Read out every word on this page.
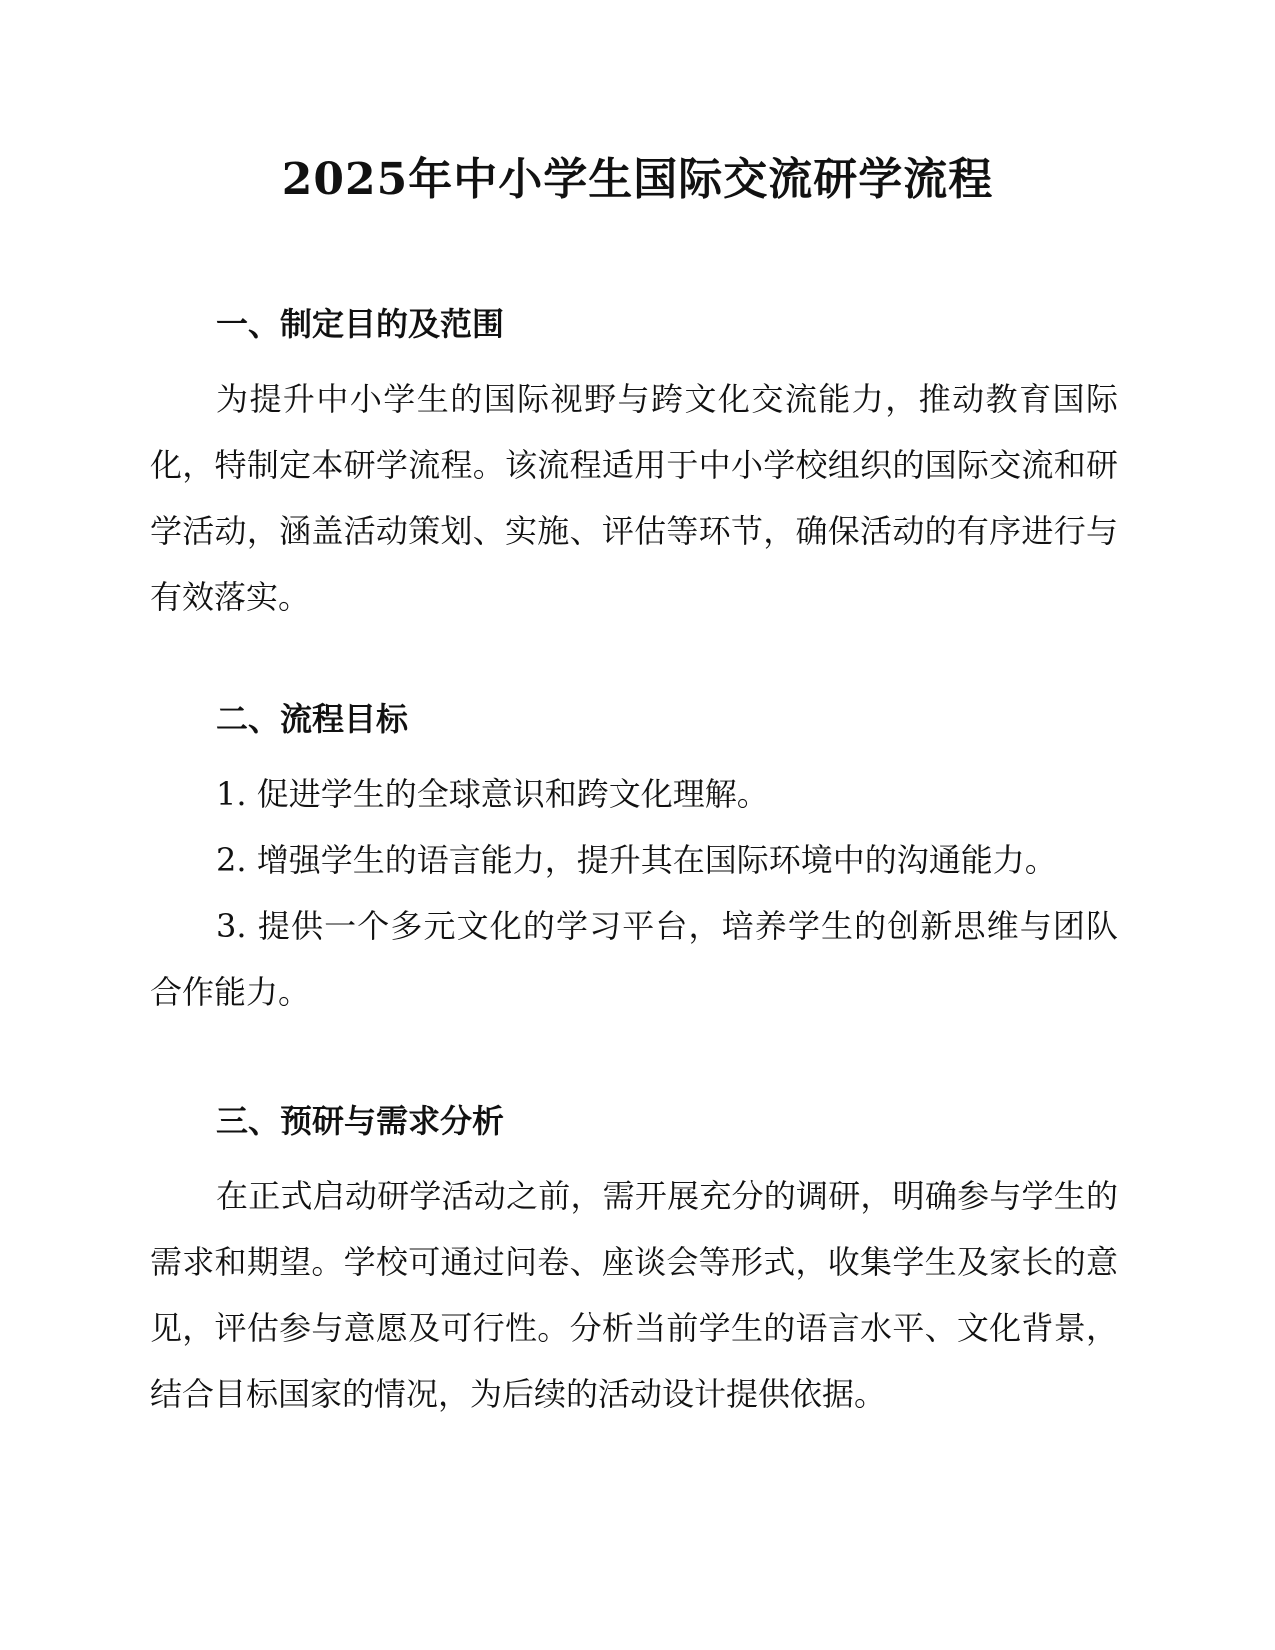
2025年中小学生国际交流研学流程
一、制定目的及范围

为提升中小学生的国际视野与跨文化交流能力，推动教育国际化，特制定本研学流程。该流程适用于中小学校组织的国际交流和研学活动，涵盖活动策划、实施、评估等环节，确保活动的有序进行与有效落实。

二、流程目标

1. 促进学生的全球意识和跨文化理解。

2. 增强学生的语言能力，提升其在国际环境中的沟通能力。

3. 提供一个多元文化的学习平台，培养学生的创新思维与团队合作能力。

三、预研与需求分析

在正式启动研学活动之前，需开展充分的调研，明确参与学生的需求和期望。学校可通过问卷、座谈会等形式，收集学生及家长的意见，评估参与意愿及可行性。分析当前学生的语言水平、文化背景，结合目标国家的情况，为后续的活动设计提供依据。
